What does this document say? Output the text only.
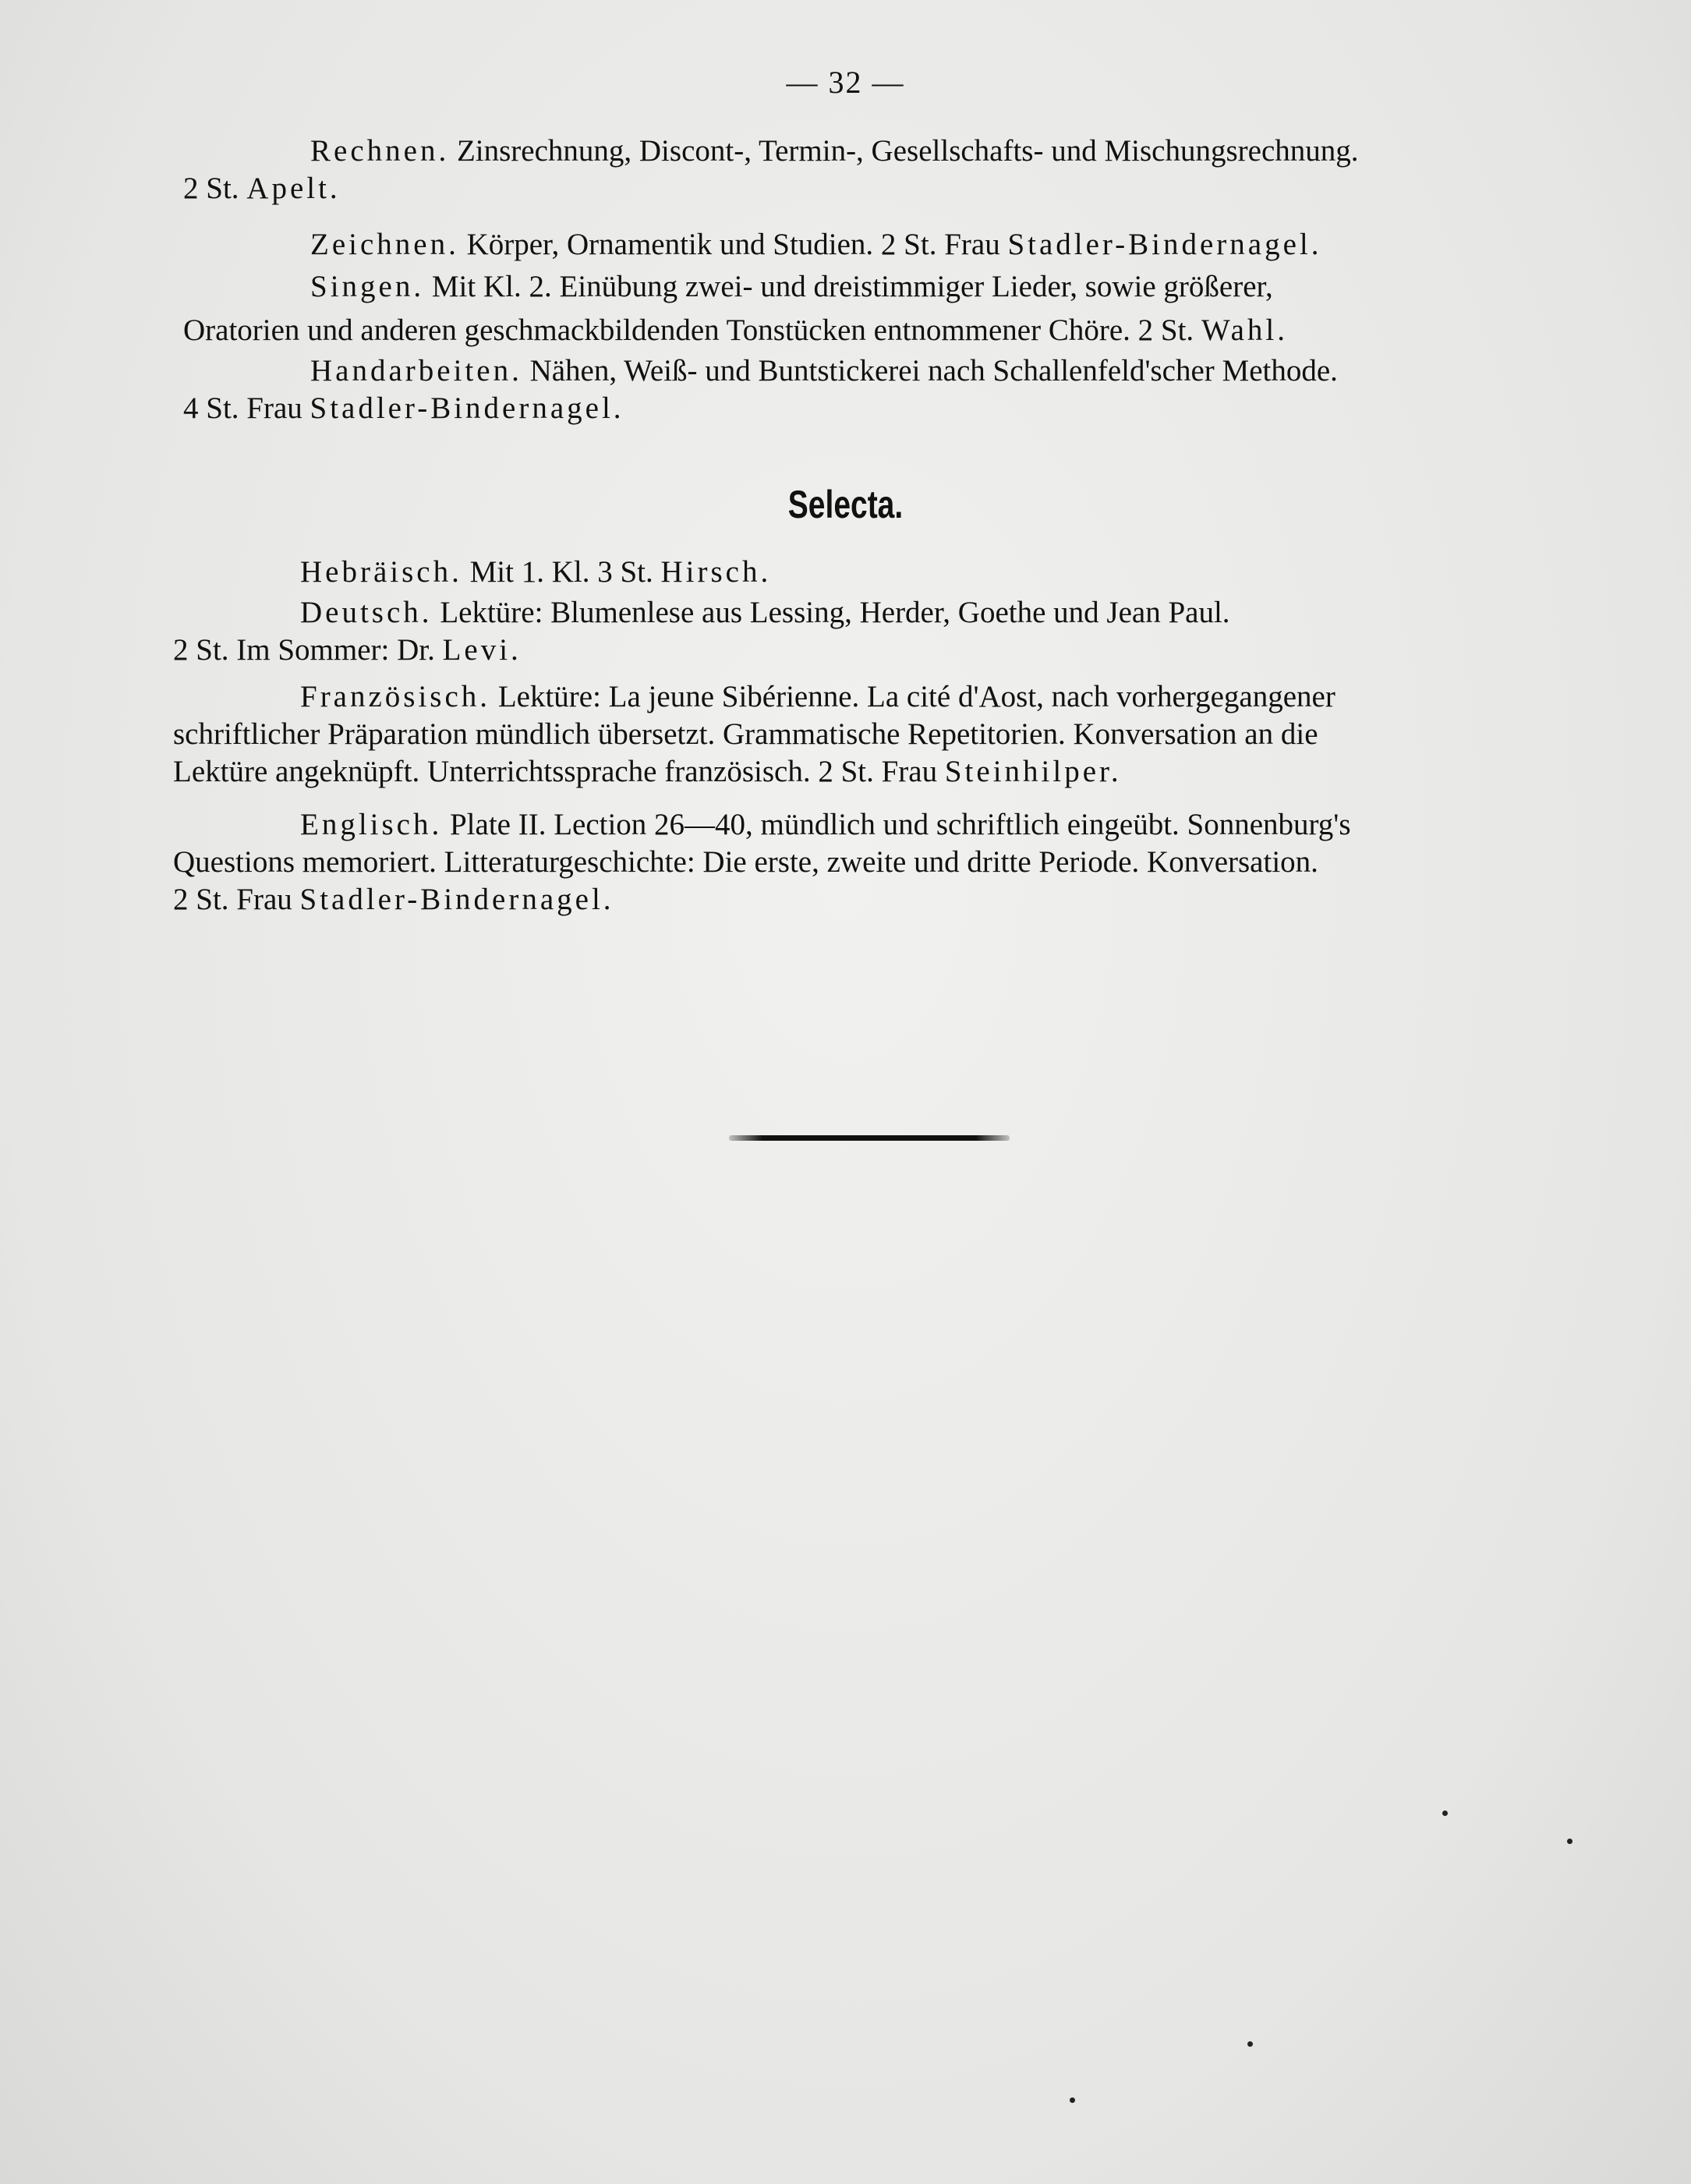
— 32 —
Rechnen. Zinsrechnung, Discont-, Termin-, Gesellschafts- und Mischungsrechnung.
2 St. Apelt.
Zeichnen. Körper, Ornamentik und Studien. 2 St. Frau Stadler-Bindernagel.
Singen. Mit Kl. 2. Einübung zwei- und dreistimmiger Lieder, sowie größerer,
Oratorien und anderen geschmackbildenden Tonstücken entnommener Chöre. 2 St. Wahl.
Handarbeiten. Nähen, Weiß- und Buntstickerei nach Schallenfeld'scher Methode.
4 St. Frau Stadler-Bindernagel.
Selecta.
Hebräisch. Mit 1. Kl. 3 St. Hirsch.
Deutsch. Lektüre: Blumenlese aus Lessing, Herder, Goethe und Jean Paul.
2 St. Im Sommer: Dr. Levi.
Französisch. Lektüre: La jeune Sibérienne. La cité d'Aost, nach vorhergegangener
schriftlicher Präparation mündlich übersetzt. Grammatische Repetitorien. Konversation an die
Lektüre angeknüpft. Unterrichtssprache französisch. 2 St. Frau Steinhilper.
Englisch. Plate II. Lection 26—40, mündlich und schriftlich eingeübt. Sonnenburg's
Questions memoriert. Litteraturgeschichte: Die erste, zweite und dritte Periode. Konversation.
2 St. Frau Stadler-Bindernagel.
